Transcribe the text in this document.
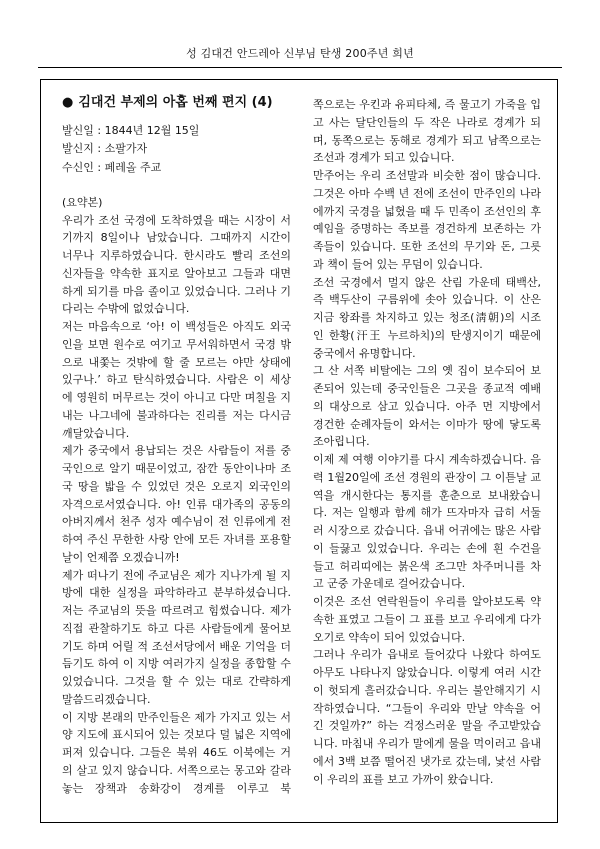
성 김대건 안드레아 신부님 탄생 200주년 희년
● 김대건 부제의 아홉 번째 편지 (4)
발신일 : 1844년 12월 15일
발신지 : 소팔가자
수신인 : 페레올 주교
(요약본)

우리가 조선 국경에 도착하였을 때는 시장이 서기까지 8일이나 남았습니다. 그때까지 시간이 너무나 지루하였습니다. 한시라도 빨리 조선의 신자들을 약속한 표지로 알아보고 그들과 대면하게 되기를 마음 졸이고 있었습니다. 그러나 기다리는 수밖에 없었습니다.

저는 마음속으로 ‘아! 이 백성들은 아직도 외국인을 보면 원수로 여기고 무서워하면서 국경 밖으로 내쫓는 것밖에 할 줄 모르는 야만 상태에 있구나.’ 하고 탄식하였습니다. 사람은 이 세상에 영원히 머무르는 것이 아니고 다만 며칠을 지내는 나그네에 불과하다는 진리를 저는 다시금 깨달았습니다.

제가 중국에서 용납되는 것은 사람들이 저를 중국인으로 알기 때문이었고, 잠깐 동안이나마 조국 땅을 밟을 수 있었던 것은 오로지 외국인의 자격으로서였습니다. 아! 인류 대가족의 공동의 아버지께서 천주 성자 예수님이 전 인류에게 전하여 주신 무한한 사랑 안에 모든 자녀를 포용할 날이 언제쯤 오겠습니까!

제가 떠나기 전에 주교님은 제가 지나가게 될 지방에 대한 실정을 파악하라고 분부하셨습니다. 저는 주교님의 뜻을 따르려고 힘썼습니다. 제가 직접 관찰하기도 하고 다른 사람들에게 물어보기도 하며 어릴 적 조선서당에서 배운 기억을 더듬기도 하여 이 지방 여러가지 실정을 종합할 수 있었습니다. 그것을 할 수 있는 대로 간략하게 말씀드리겠습니다.

이 지방 본래의 만주인들은 제가 가지고 있는 서양 지도에 표시되어 있는 것보다 덜 넓은 지역에 퍼져 있습니다. 그들은 북위 46도 이북에는 거의 살고 있지 않습니다. 서쪽으로는 몽고와 갈라놓는 장책과 송화강이 경계를 이루고 북

쪽으로는 우킨과 유피타체, 즉 물고기 가죽을 입고 사는 달단인들의 두 작은 나라로 경계가 되며, 동쪽으로는 동해로 경계가 되고 남쪽으로는 조선과 경계가 되고 있습니다.

만주어는 우리 조선말과 비슷한 점이 많습니다. 그것은 아마 수백 년 전에 조선이 만주인의 나라에까지 국경을 넓혔을 때 두 민족이 조선인의 후예임을 증명하는 족보를 경건하게 보존하는 가족들이 있습니다. 또한 조선의 무기와 돈, 그릇과 책이 들어 있는 무덤이 있습니다.

조선 국경에서 멀지 않은 산림 가운데 태백산, 즉 백두산이 구름위에 솟아 있습니다. 이 산은 지금 왕좌를 차지하고 있는 청조(淸朝)의 시조인 한황(汗王 누르하치)의 탄생지이기 때문에 중국에서 유명합니다.

그 산 서쪽 비탈에는 그의 옛 집이 보수되어 보존되어 있는데 중국인들은 그곳을 종교적 예배의 대상으로 삼고 있습니다. 아주 먼 지방에서 경건한 순례자들이 와서는 이마가 땅에 닿도록 조아립니다.

이제 제 여행 이야기를 다시 계속하겠습니다. 음력 1월20일에 조선 경원의 관장이 그 이튿날 교역을 개시한다는 통지를 훈춘으로 보내왔습니다. 저는 일행과 함께 해가 뜨자마자 급히 서둘러 시장으로 갔습니다. 읍내 어귀에는 많은 사람이 들끓고 있었습니다. 우리는 손에 흰 수건을 들고 허리띠에는 붉은색 조그만 차주머니를 차고 군중 가운데로 걸어갔습니다.

이것은 조선 연락원들이 우리를 알아보도록 약속한 표였고 그들이 그 표를 보고 우리에게 다가오기로 약속이 되어 있었습니다.

그러나 우리가 읍내로 들어갔다 나왔다 하여도 아무도 나타나지 않았습니다. 이렇게 여러 시간이 헛되게 흘러갔습니다. 우리는 불안해지기 시작하였습니다. “그들이 우리와 만날 약속을 어긴 것일까?” 하는 걱정스러운 말을 주고받았습니다. 마침내 우리가 말에게 물을 먹이러고 읍내에서 3백 보쯤 떨어진 냇가로 갔는데, 낯선 사람이 우리의 표를 보고 가까이 왔습니다.
